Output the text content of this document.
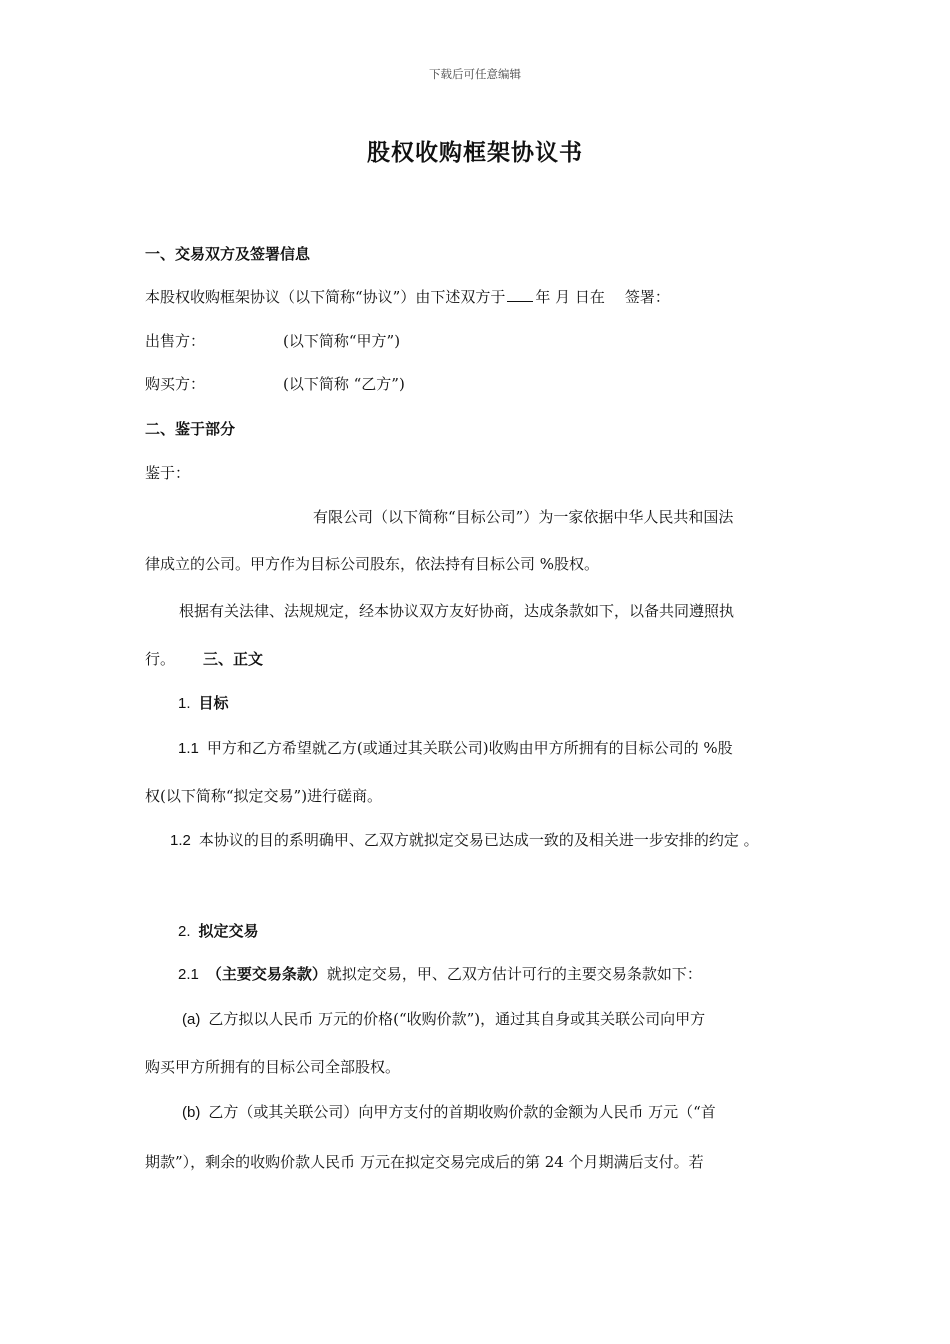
下载后可任意编辑
股权收购框架协议书
一、交易双方及签署信息
本股权收购框架协议（以下简称“协议”）由下述双方于 年 月 日在 签署：
出售方：	(以下简称“甲方”)
购买方：	(以下简称 “乙方”)
二、鉴于部分
鉴于：
有限公司（以下简称“目标公司”）为一家依据中华人民共和国法
律成立的公司。甲方作为目标公司股东，依法持有目标公司 %股权。
根据有关法律、法规规定，经本协议双方友好协商，达成条款如下，以备共同遵照执
行。 三、正文
1. 目标
1.1 甲方和乙方希望就乙方(或通过其关联公司)收购由甲方所拥有的目标公司的 %股
权(以下简称“拟定交易”)进行磋商。
1.2 本协议的目的系明确甲、乙双方就拟定交易已达成一致的及相关进一步安排的约定 。
2. 拟定交易
2.1 （主要交易条款）就拟定交易，甲、乙双方估计可行的主要交易条款如下：
(a) 乙方拟以人民币 万元的价格(“收购价款”)，通过其自身或其关联公司向甲方
购买甲方所拥有的目标公司全部股权。
(b) 乙方（或其关联公司）向甲方支付的首期收购价款的金额为人民币 万元（“首
期款”），剩余的收购价款人民币 万元在拟定交易完成后的第 24 个月期满后支付。若
